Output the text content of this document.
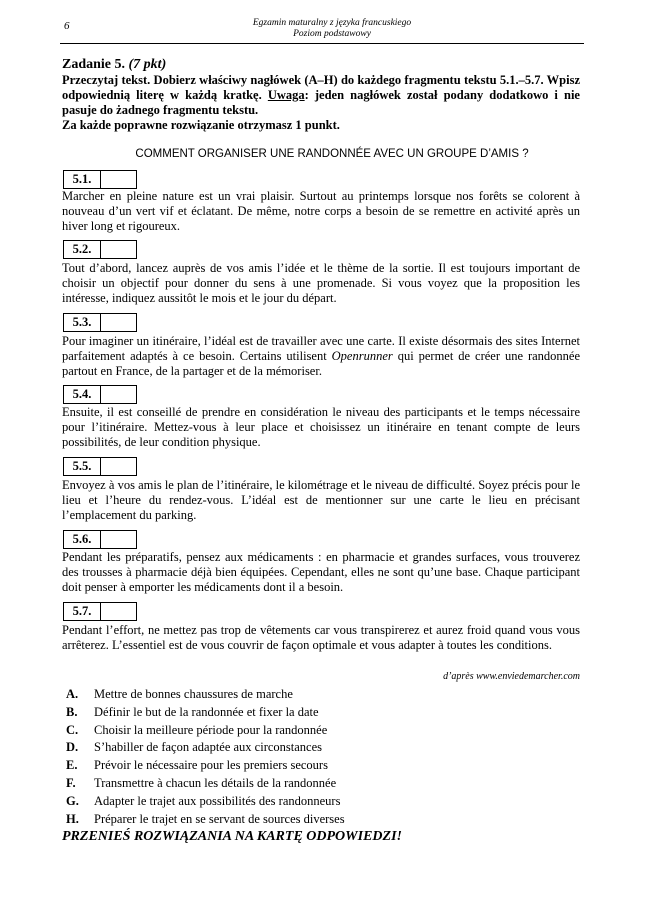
6	Egzamin maturalny z języka francuskiego
Poziom podstawowy
Zadanie 5. (7 pkt)
Przeczytaj tekst. Dobierz właściwy nagłówek (A–H) do każdego fragmentu tekstu 5.1.–5.7. Wpisz odpowiednią literę w każdą kratkę. Uwaga: jeden nagłówek został podany dodatkowo i nie pasuje do żadnego fragmentu tekstu.
Za każde poprawne rozwiązanie otrzymasz 1 punkt.
COMMENT ORGANISER UNE RANDONNÉE AVEC UN GROUPE D’AMIS ?
5.1.
Marcher en pleine nature est un vrai plaisir. Surtout au printemps lorsque nos forêts se colorent à nouveau d’un vert vif et éclatant. De même, notre corps a besoin de se remettre en activité après un hiver long et rigoureux.
5.2.
Tout d’abord, lancez auprès de vos amis l’idée et le thème de la sortie. Il est toujours important de choisir un objectif pour donner du sens à une promenade. Si vous voyez que la proposition les intéresse, indiquez aussitôt le mois et le jour du départ.
5.3.
Pour imaginer un itinéraire, l’idéal est de travailler avec une carte. Il existe désormais des sites Internet parfaitement adaptés à ce besoin. Certains utilisent Openrunner qui permet de créer une randonnée partout en France, de la partager et de la mémoriser.
5.4.
Ensuite, il est conseillé de prendre en considération le niveau des participants et le temps nécessaire pour l’itinéraire. Mettez-vous à leur place et choisissez un itinéraire en tenant compte de leurs possibilités, de leur condition physique.
5.5.
Envoyez à vos amis le plan de l’itinéraire, le kilométrage et le niveau de difficulté. Soyez précis pour le lieu et l’heure du rendez-vous. L’idéal est de mentionner sur une carte le lieu en précisant l’emplacement du parking.
5.6.
Pendant les préparatifs, pensez aux médicaments : en pharmacie et grandes surfaces, vous trouverez des trousses à pharmacie déjà bien équipées. Cependant, elles ne sont qu’une base. Chaque participant doit penser à emporter les médicaments dont il a besoin.
5.7.
Pendant l’effort, ne mettez pas trop de vêtements car vous transpirerez et aurez froid quand vous vous arrêterez. L’essentiel est de vous couvrir de façon optimale et vous adapter à toutes les conditions.
d’après www.enviedemarcher.com
A.	Mettre de bonnes chaussures de marche
B.	Définir le but de la randonnée et fixer la date
C.	Choisir la meilleure période pour la randonnée
D.	S’habiller de façon adaptée aux circonstances
E.	Prévoir le nécessaire pour les premiers secours
F.	Transmettre à chacun les détails de la randonnée
G.	Adapter le trajet aux possibilités des randonneurs
H.	Préparer le trajet en se servant de sources diverses
PRZENIEŚ ROZWIĄZANIA NA KARTĘ ODPOWIEDZI!
